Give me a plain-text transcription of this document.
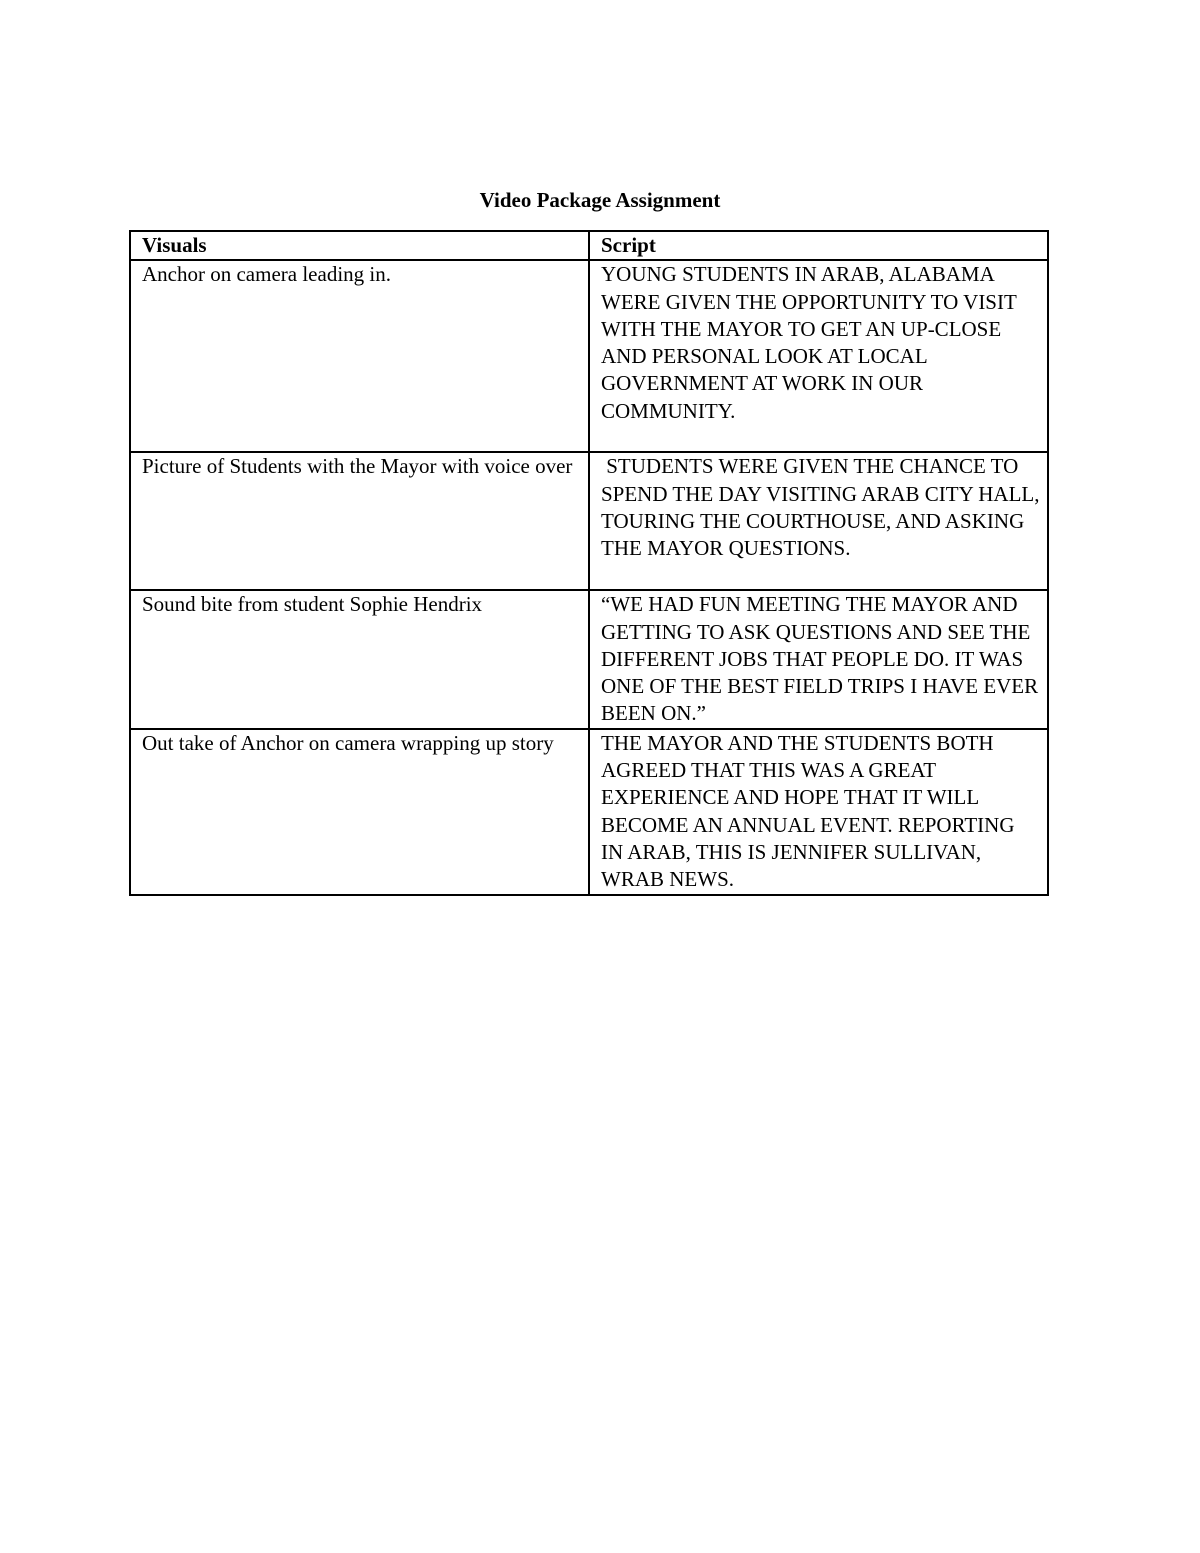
Video Package Assignment
Visuals	Script
Anchor on camera leading in.	YOUNG STUDENTS IN ARAB, ALABAMA WERE GIVEN THE OPPORTUNITY TO VISIT WITH THE MAYOR TO GET AN UP-CLOSE AND PERSONAL LOOK AT LOCAL GOVERNMENT AT WORK IN OUR COMMUNITY.
Picture of Students with the Mayor with voice over	STUDENTS WERE GIVEN THE CHANCE TO SPEND THE DAY VISITING ARAB CITY HALL, TOURING THE COURTHOUSE, AND ASKING THE MAYOR QUESTIONS.
Sound bite from student Sophie Hendrix	“WE HAD FUN MEETING THE MAYOR AND GETTING TO ASK QUESTIONS AND SEE THE DIFFERENT JOBS THAT PEOPLE DO. IT WAS ONE OF THE BEST FIELD TRIPS I HAVE EVER BEEN ON.”
Out take of Anchor on camera wrapping up story	THE MAYOR AND THE STUDENTS BOTH AGREED THAT THIS WAS A GREAT EXPERIENCE AND HOPE THAT IT WILL BECOME AN ANNUAL EVENT. REPORTING IN ARAB, THIS IS JENNIFER SULLIVAN, WRAB NEWS.
